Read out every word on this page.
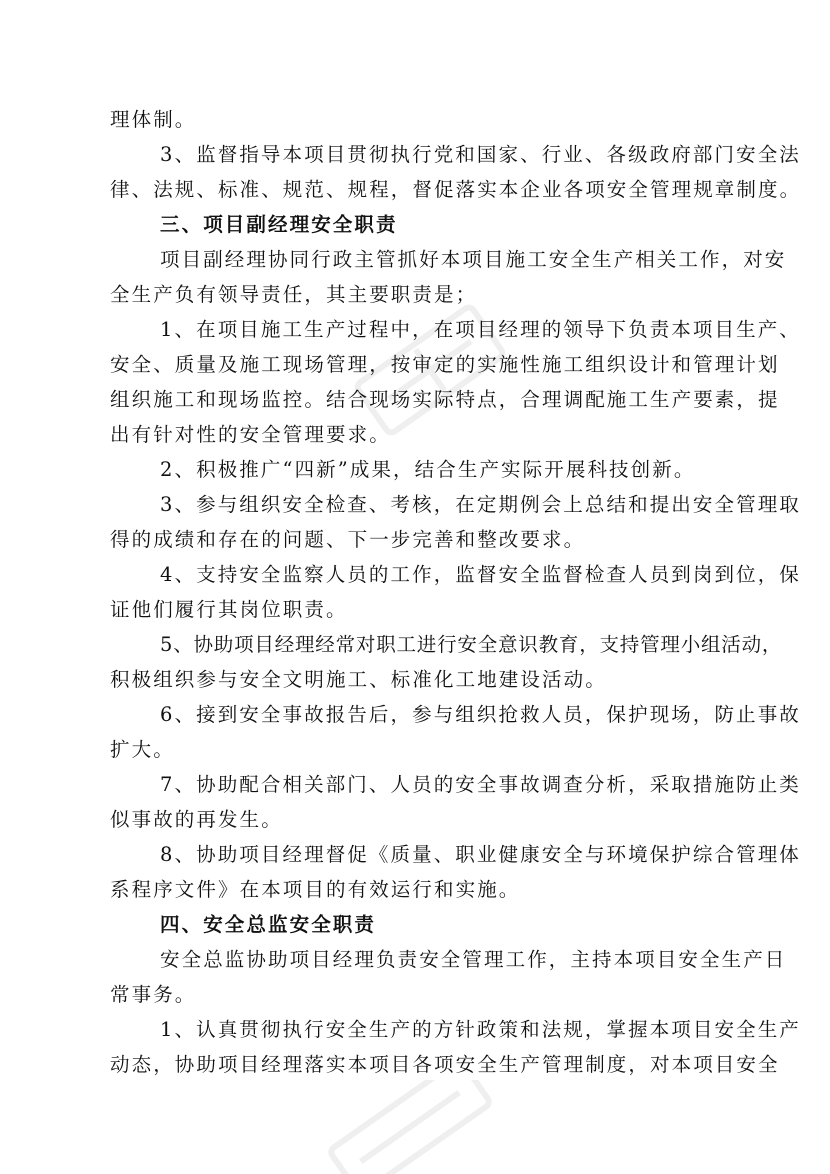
理体制。
3、监督指导本项目贯彻执行党和国家、行业、各级政府部门安全法
律、法规、标准、规范、规程，督促落实本企业各项安全管理规章制度。
三、项目副经理安全职责
项目副经理协同行政主管抓好本项目施工安全生产相关工作，对安
全生产负有领导责任，其主要职责是；
1、在项目施工生产过程中，在项目经理的领导下负责本项目生产、
安全、质量及施工现场管理，按审定的实施性施工组织设计和管理计划
组织施工和现场监控。结合现场实际特点，合理调配施工生产要素，提
出有针对性的安全管理要求。
2、积极推广“四新”成果，结合生产实际开展科技创新。
3、参与组织安全检查、考核，在定期例会上总结和提出安全管理取
得的成绩和存在的问题、下一步完善和整改要求。
4、支持安全监察人员的工作，监督安全监督检查人员到岗到位，保
证他们履行其岗位职责。
5、协助项目经理经常对职工进行安全意识教育，支持管理小组活动，
积极组织参与安全文明施工、标准化工地建设活动。
6、接到安全事故报告后，参与组织抢救人员，保护现场，防止事故
扩大。
7、协助配合相关部门、人员的安全事故调查分析，采取措施防止类
似事故的再发生。
8、协助项目经理督促《质量、职业健康安全与环境保护综合管理体
系程序文件》在本项目的有效运行和实施。
四、安全总监安全职责
安全总监协助项目经理负责安全管理工作，主持本项目安全生产日
常事务。
1、认真贯彻执行安全生产的方针政策和法规，掌握本项目安全生产
动态，协助项目经理落实本项目各项安全生产管理制度，对本项目安全
